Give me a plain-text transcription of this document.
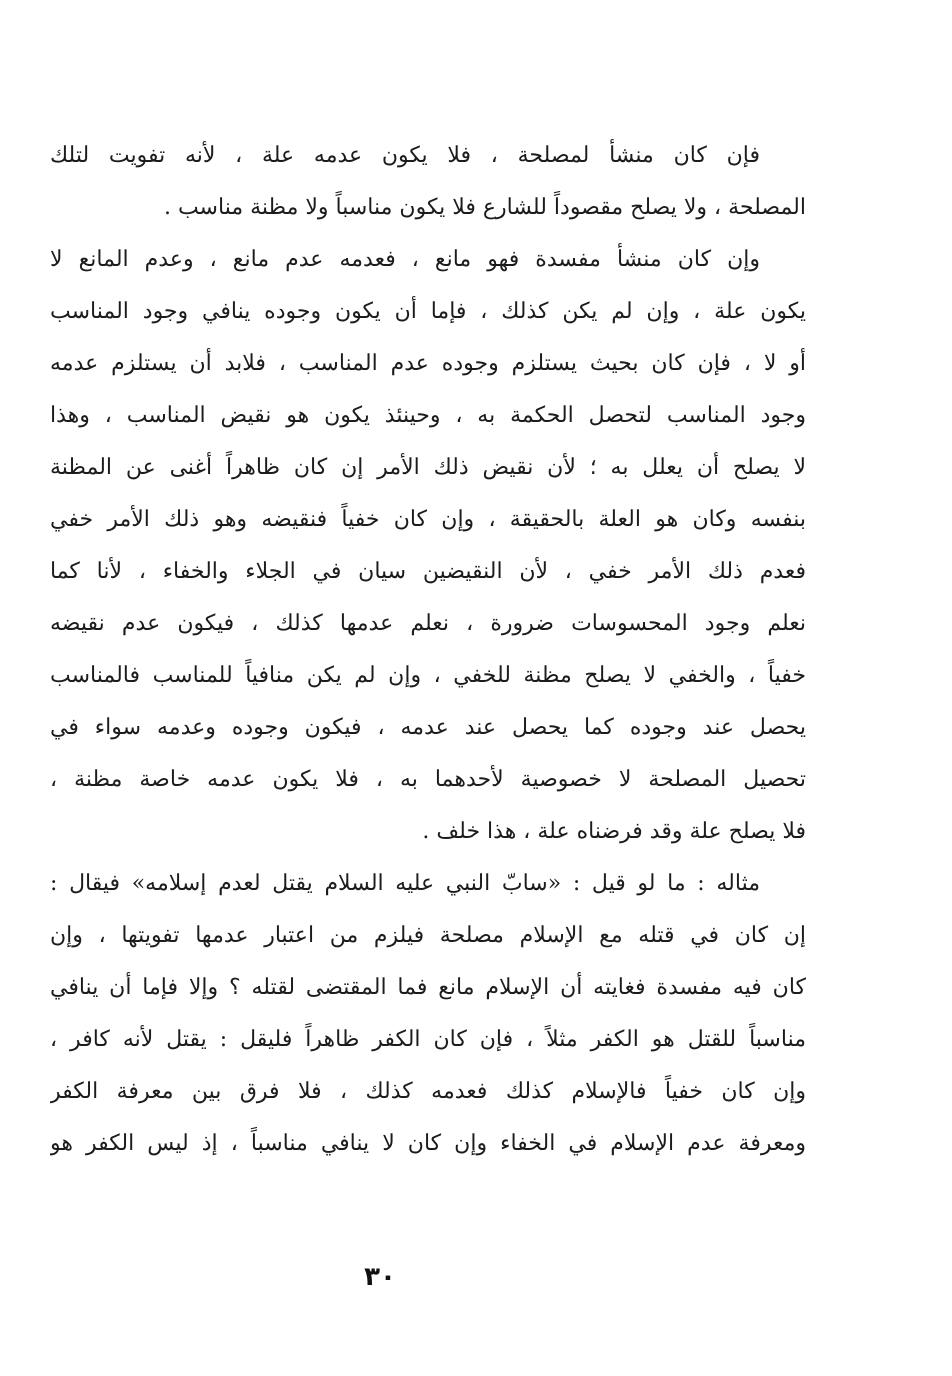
فإن كان منشأ لمصلحة ، فلا يكون عدمه علة ، لأنه تفويت لتلك
المصلحة ، ولا يصلح مقصوداً للشارع فلا يكون مناسباً ولا مظنة مناسب .
وإن كان منشأ مفسدة فهو مانع ، فعدمه عدم مانع ، وعدم المانع لا
يكون علة ، وإن لم يكن كذلك ، فإما أن يكون وجوده ينافي وجود المناسب
أو لا ، فإن كان بحيث يستلزم وجوده عدم المناسب ، فلابد أن يستلزم عدمه
وجود المناسب لتحصل الحكمة به ، وحينئذ يكون هو نقيض المناسب ، وهذا
لا يصلح أن يعلل به ؛ لأن نقيض ذلك الأمر إن كان ظاهراً أغنى عن المظنة
بنفسه وكان هو العلة بالحقيقة ، وإن كان خفياً فنقيضه وهو ذلك الأمر خفي
فعدم ذلك الأمر خفي ، لأن النقيضين سيان في الجلاء والخفاء ، لأنا كما
نعلم وجود المحسوسات ضرورة ، نعلم عدمها كذلك ، فيكون عدم نقيضه
خفياً ، والخفي لا يصلح مظنة للخفي ، وإن لم يكن منافياً للمناسب فالمناسب
يحصل عند وجوده كما يحصل عند عدمه ، فيكون وجوده وعدمه سواء في
تحصيل المصلحة لا خصوصية لأحدهما به ، فلا يكون عدمه خاصة مظنة ،
فلا يصلح علة وقد فرضناه علة ، هذا خلف .
مثاله : ما لو قيل : «سابّ النبي عليه السلام يقتل لعدم إسلامه» فيقال :
إن كان في قتله مع الإسلام مصلحة فيلزم من اعتبار عدمها تفويتها ، وإن
كان فيه مفسدة فغايته أن الإسلام مانع فما المقتضى لقتله ؟ وإلا فإما أن ينافي
مناسباً للقتل هو الكفر مثلاً ، فإن كان الكفر ظاهراً فليقل : يقتل لأنه كافر ،
وإن كان خفياً فالإسلام كذلك فعدمه كذلك ، فلا فرق بين معرفة الكفر
ومعرفة عدم الإسلام في الخفاء وإن كان لا ينافي مناسباً ، إذ ليس الكفر هو
٣٠
